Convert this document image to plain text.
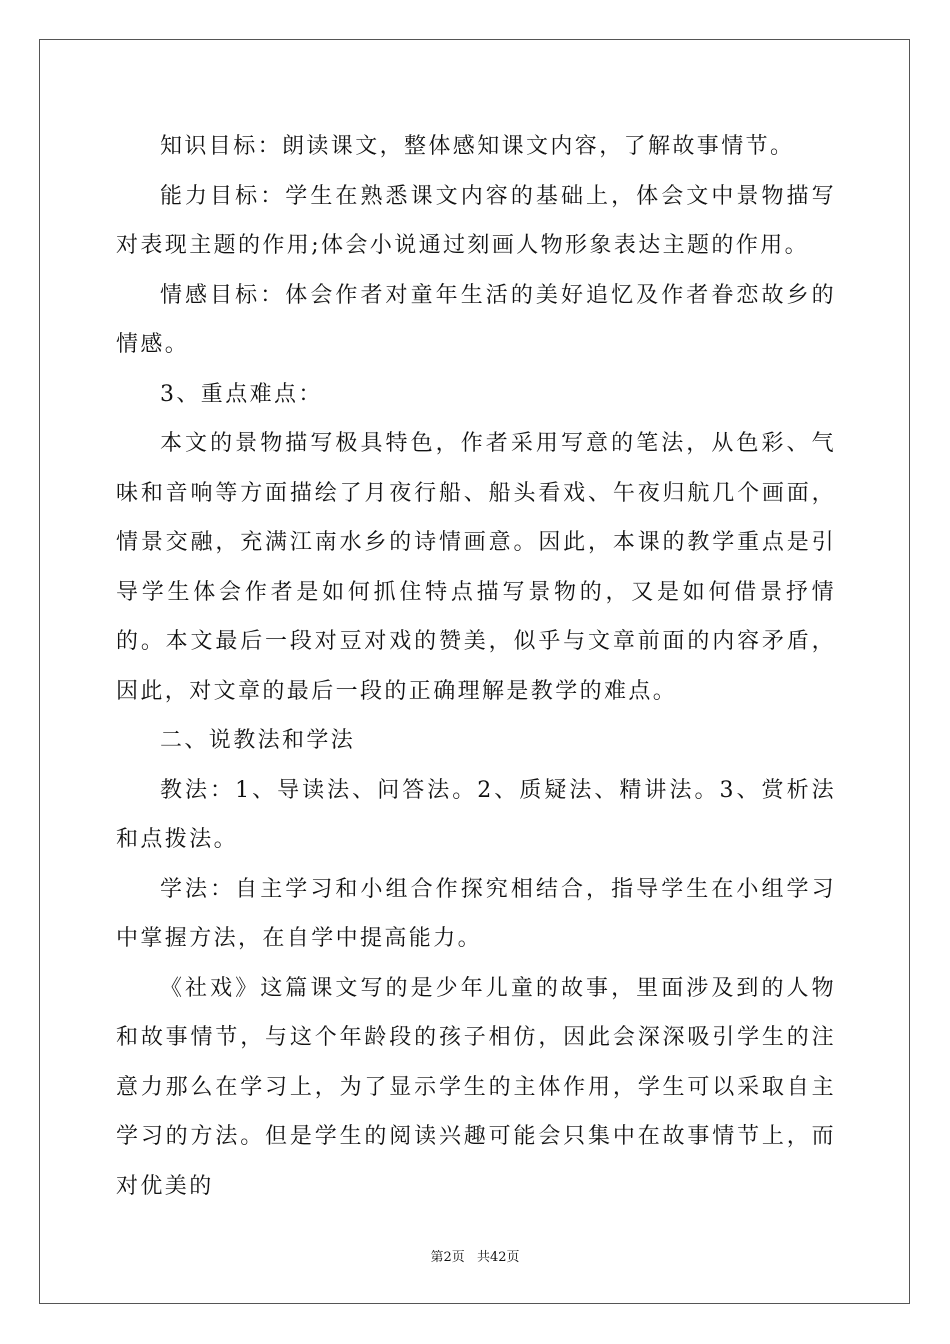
知识目标：朗读课文，整体感知课文内容，了解故事情节。

能力目标：学生在熟悉课文内容的基础上，体会文中景物描写对表现主题的作用;体会小说通过刻画人物形象表达主题的作用。

情感目标：体会作者对童年生活的美好追忆及作者眷恋故乡的情感。

3、重点难点：

本文的景物描写极具特色，作者采用写意的笔法，从色彩、气味和音响等方面描绘了月夜行船、船头看戏、午夜归航几个画面，情景交融，充满江南水乡的诗情画意。因此，本课的教学重点是引导学生体会作者是如何抓住特点描写景物的，又是如何借景抒情的。本文最后一段对豆对戏的赞美，似乎与文章前面的内容矛盾，因此，对文章的最后一段的正确理解是教学的难点。

二、说教法和学法

教法：1、导读法、问答法。2、质疑法、精讲法。3、赏析法和点拨法。

学法：自主学习和小组合作探究相结合，指导学生在小组学习中掌握方法，在自学中提高能力。

《社戏》这篇课文写的是少年儿童的故事，里面涉及到的人物和故事情节，与这个年龄段的孩子相仿，因此会深深吸引学生的注意力那么在学习上，为了显示学生的主体作用，学生可以采取自主学习的方法。但是学生的阅读兴趣可能会只集中在故事情节上，而对优美的

第2页 共42页
